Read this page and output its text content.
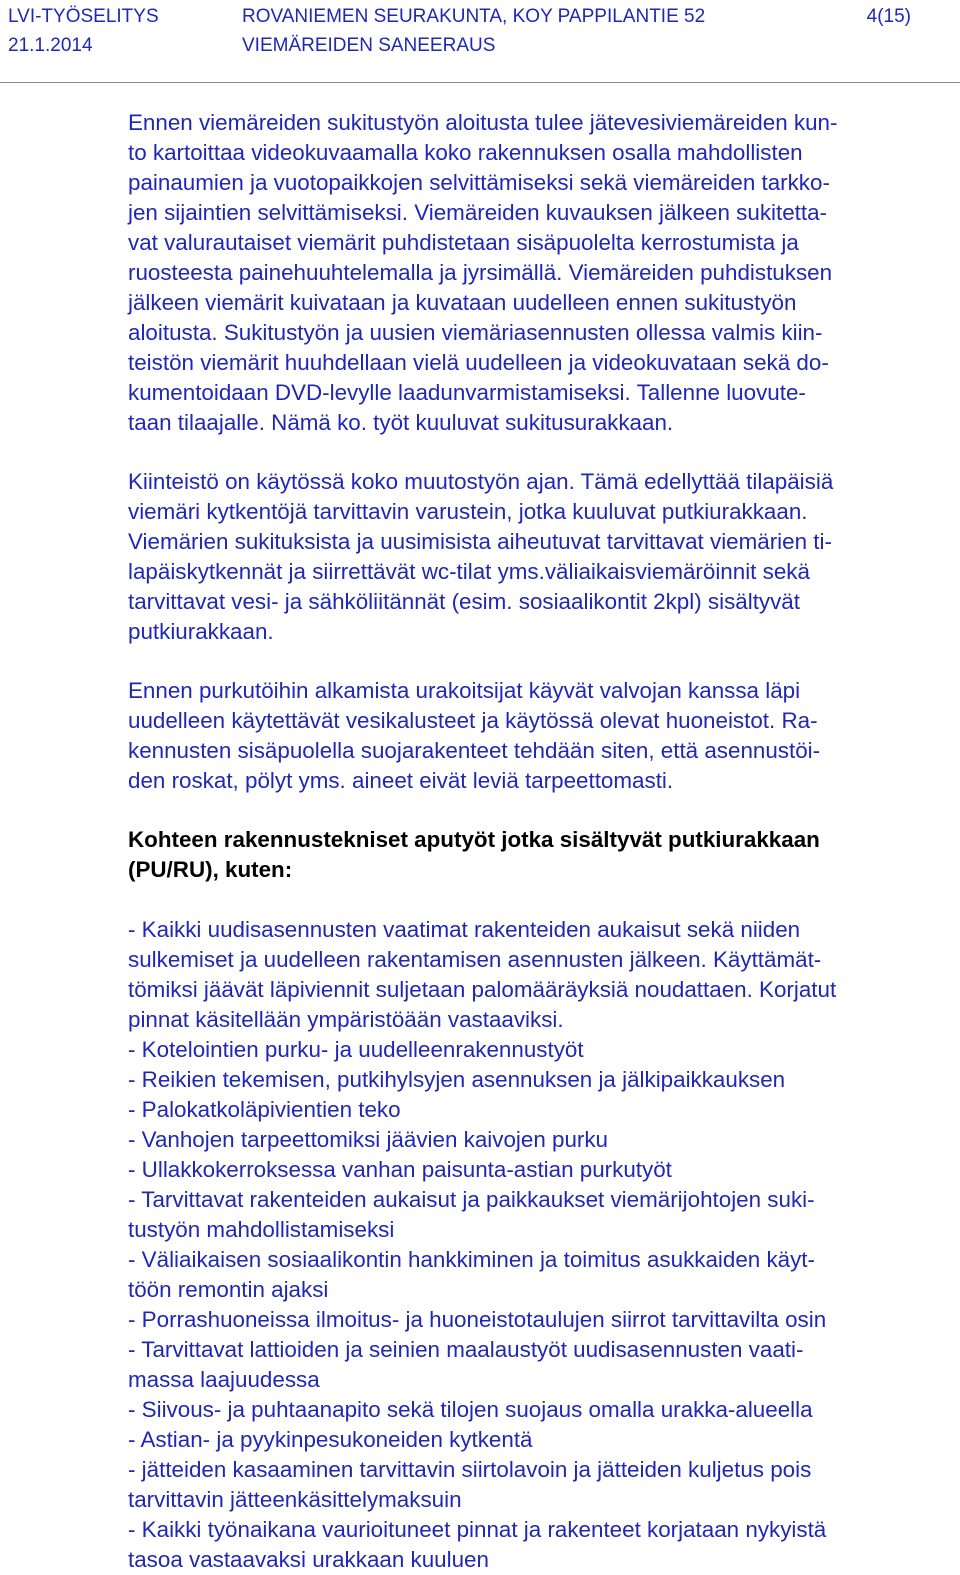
LVI-TYÖSELITYS
21.1.2014
ROVANIEMEN SEURAKUNTA, KOY PAPPILANTIE 52
VIEMÄREIDEN SANEERAUS
4(15)
Ennen viemäreiden sukitustyön aloitusta tulee jätevesiviemäreiden kun-
to kartoittaa videokuvaamalla koko rakennuksen osalla mahdollisten
painaumien ja vuotopaikkojen selvittämiseksi sekä viemäreiden tarkko-
jen sijaintien selvittämiseksi. Viemäreiden kuvauksen jälkeen sukitetta-
vat valurautaiset viemärit puhdistetaan sisäpuolelta kerrostumista ja
ruosteesta painehuuhtelemalla ja jyrsimällä. Viemäreiden puhdistuksen
jälkeen viemärit kuivataan ja kuvataan uudelleen ennen sukitustyön
aloitusta. Sukitustyön ja uusien viemäriasennusten ollessa valmis kiin-
teistön viemärit huuhdellaan vielä uudelleen ja videokuvataan sekä do-
kumentoidaan DVD-levylle laadunvarmistamiseksi. Tallenne luovute-
taan tilaajalle. Nämä ko. työt kuuluvat sukitusurakkaan.
Kiinteistö on käytössä koko muutostyön ajan. Tämä edellyttää tilapäisiä
viemäri kytkentöjä tarvittavin varustein, jotka kuuluvat putkiurakkaan.
Viemärien sukituksista ja uusimisista aiheutuvat tarvittavat viemärien ti-
lapäiskytkennät ja siirrettävät wc-tilat yms.väliaikaisviemäröinnit sekä
tarvittavat vesi- ja sähköliitännät (esim. sosiaalikontit 2kpl) sisältyvät
putkiurakkaan.
Ennen purkutöihin alkamista urakoitsijat käyvät valvojan kanssa läpi
uudelleen käytettävät vesikalusteet ja käytössä olevat huoneistot. Ra-
kennusten sisäpuolella suojarakenteet tehdään siten, että asennustöi-
den roskat, pölyt yms. aineet eivät leviä tarpeettomasti.
Kohteen rakennustekniset aputyöt jotka sisältyvät putkiurakkaan
(PU/RU), kuten:
- Kaikki uudisasennusten vaatimat rakenteiden aukaisut sekä niiden
sulkemiset ja uudelleen rakentamisen asennusten jälkeen. Käyttämät-
tömiksi jäävät läpiviennit suljetaan palomääräyksiä noudattaen. Korjatut
pinnat käsitellään ympäristöään vastaaviksi.
- Kotelointien purku- ja uudelleenrakennustyöt
- Reikien tekemisen, putkihylsyjen asennuksen ja jälkipaikkauksen
- Palokatkoläpivientien teko
- Vanhojen tarpeettomiksi jäävien kaivojen purku
- Ullakkokerroksessa vanhan paisunta-astian purkutyöt
- Tarvittavat rakenteiden aukaisut ja paikkaukset viemärijohtojen suki-
tustyön mahdollistamiseksi
- Väliaikaisen sosiaalikontin hankkiminen ja toimitus asukkaiden käyt-
töön remontin ajaksi
- Porrashuoneissa ilmoitus- ja huoneistotaulujen siirrot tarvittavilta osin
- Tarvittavat lattioiden ja seinien maalaustyöt uudisasennusten vaati-
massa laajuudessa
- Siivous- ja puhtaanapito sekä tilojen suojaus omalla urakka-alueella
- Astian- ja pyykinpesukoneiden kytkentä
- jätteiden kasaaminen tarvittavin siirtolavoin ja jätteiden kuljetus pois
tarvittavin jätteenkäsittelymaksuin
- Kaikki työnaikana vaurioituneet pinnat ja rakenteet korjataan nykyistä
tasoa vastaavaksi urakkaan kuuluen
